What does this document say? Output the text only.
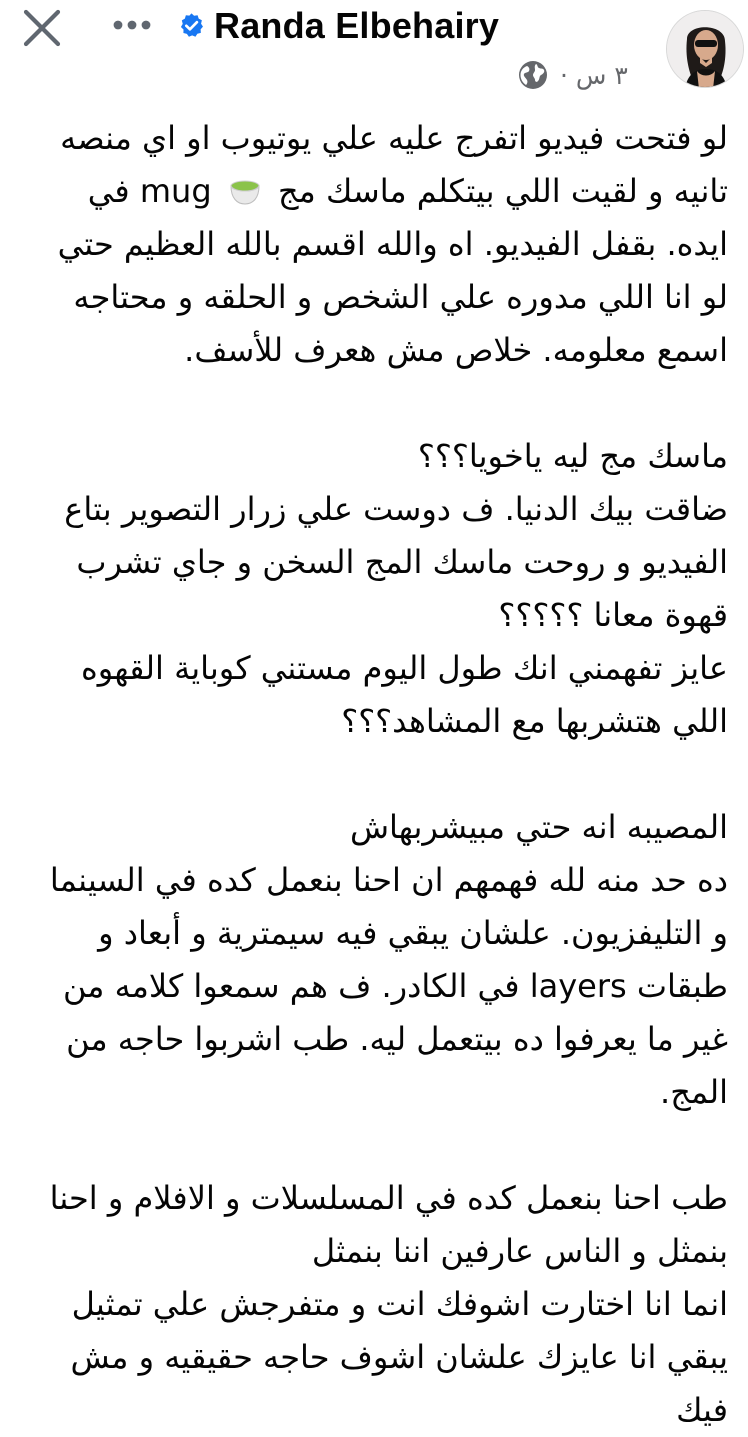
Randa Elbehairy
٣ س ·

لو فتحت فيديو اتفرج عليه علي يوتيوب او اي منصه
تانيه و لقيت اللي بيتكلم ماسك مج  mug في ايده. بقفل الفيديو. اه والله اقسم بالله العظيم حتي لو انا اللي مدوره علي الشخص و الحلقه و محتاجه اسمع معلومه. خلاص مش هعرف للأسف.

ماسك مج ليه ياخويا؟؟؟

ضاقت بيك الدنيا. ف دوست علي زرار التصوير بتاع الفيديو و روحت ماسك المج السخن و جاي تشرب قهوة معانا ؟؟؟؟؟

عايز تفهمني انك طول اليوم مستني كوباية القهوه اللي هتشربها مع المشاهد؟؟؟

المصيبه انه حتي مبيشربهاش

ده حد منه لله فهمهم ان احنا بنعمل كده في السينما و التليفزيون. علشان يبقي فيه سيمترية و أبعاد و طبقات layers في الكادر. ف هم سمعوا كلامه من غير ما يعرفوا ده بيتعمل ليه. طب اشربوا حاجه من المج.

طب احنا بنعمل كده في المسلسلات و الافلام و احنا بنمثل و الناس عارفين اننا بنمثل

انما انا اختارت اشوفك انت و متفرجش علي تمثيل يبقي انا عايزك علشان اشوف حاجه حقيقيه و مش فيك
